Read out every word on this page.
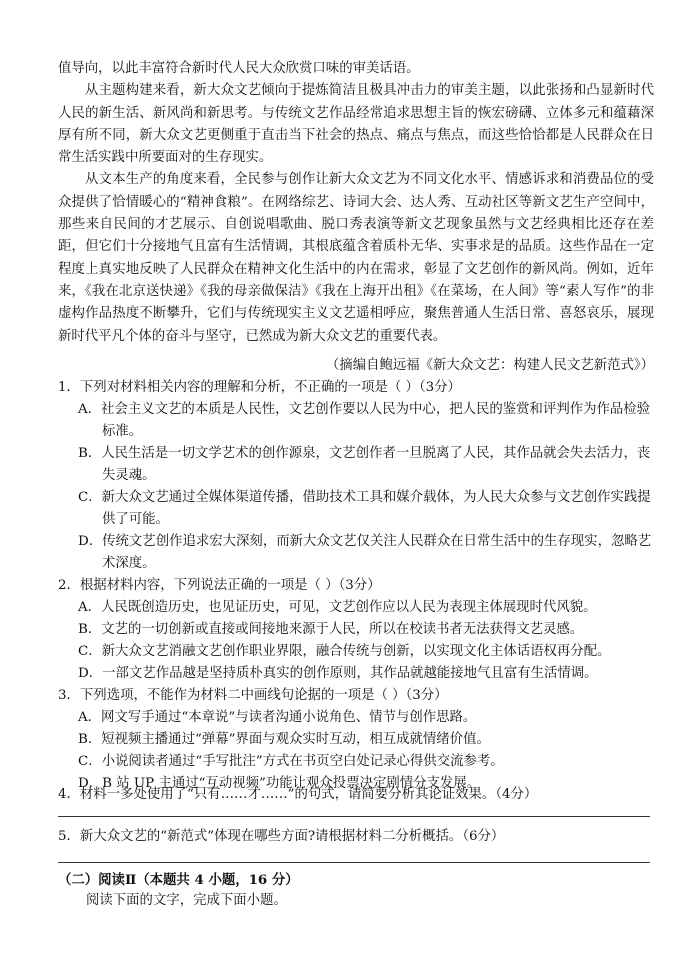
值导向，以此丰富符合新时代人民大众欣赏口味的审美话语。

从主题构建来看，新大众文艺倾向于提炼简洁且极具冲击力的审美主题，以此张扬和凸显新时代人民的新生活、新风尚和新思考。与传统文艺作品经常追求思想主旨的恢宏磅礴、立体多元和蕴藉深厚有所不同，新大众文艺更侧重于直击当下社会的热点、痛点与焦点，而这些恰恰都是人民群众在日常生活实践中所要面对的生存现实。

从文本生产的角度来看，全民参与创作让新大众文艺为不同文化水平、情感诉求和消费品位的受众提供了恰情暖心的“精神食粮”。在网络综艺、诗词大会、达人秀、互动社区等新文艺生产空间中，那些来自民间的才艺展示、自创说唱歌曲、脱口秀表演等新文艺现象虽然与文艺经典相比还存在差距，但它们十分接地气且富有生活情调，其根底蕴含着质朴无华、实事求是的品质。这些作品在一定程度上真实地反映了人民群众在精神文化生活中的内在需求，彰显了文艺创作的新风尚。例如，近年来，《我在北京送快递》《我的母亲做保洁》《我在上海开出租》《在菜场，在人间》等“素人写作”的非虚构作品热度不断攀升，它们与传统现实主义文艺遥相呼应，聚焦普通人生活日常、喜怒哀乐，展现新时代平凡个体的奋斗与坚守，已然成为新大众文艺的重要代表。

（摘编自鲍远福《新大众文艺：构建人民文艺新范式》）
1．下列对材料相关内容的理解和分析，不正确的一项是（ ）（3分）
A．社会主义文艺的本质是人民性，文艺创作要以人民为中心，把人民的鉴赏和评判作为作品检验标准。
B．人民生活是一切文学艺术的创作源泉，文艺创作者一旦脱离了人民，其作品就会失去活力，丧失灵魂。
C．新大众文艺通过全媒体渠道传播，借助技术工具和媒介载体，为人民大众参与文艺创作实践提供了可能。
D．传统文艺创作追求宏大深刻，而新大众文艺仅关注人民群众在日常生活中的生存现实，忽略艺术深度。
2．根据材料内容，下列说法正确的一项是（ ）（3分）
A．人民既创造历史，也见证历史，可见，文艺创作应以人民为表现主体展现时代风貌。
B．文艺的一切创新或直接或间接地来源于人民，所以在校读书者无法获得文艺灵感。
C．新大众文艺消融文艺创作职业界限，融合传统与创新，以实现文化主体话语权再分配。
D．一部文艺作品越是坚持质朴真实的创作原则，其作品就越能接地气且富有生活情调。
3．下列选项，不能作为材料二中画线句论据的一项是（ ）（3分）
A．网文写手通过“本章说”与读者沟通小说角色、情节与创作思路。
B．短视频主播通过“弹幕”界面与观众实时互动，相互成就情绪价值。
C．小说阅读者通过“手写批注”方式在书页空白处记录心得供交流参考。
D．B 站 UP 主通过“互动视频”功能让观众投票决定剧情分支发展。
4．材料一多处使用了“只有……才……”的句式，请简要分析其论证效果。（4分）
5．新大众文艺的“新范式”体现在哪些方面?请根据材料二分析概括。（6分）
（二）阅读Ⅱ（本题共 4 小题，16 分）
阅读下面的文字，完成下面小题。
